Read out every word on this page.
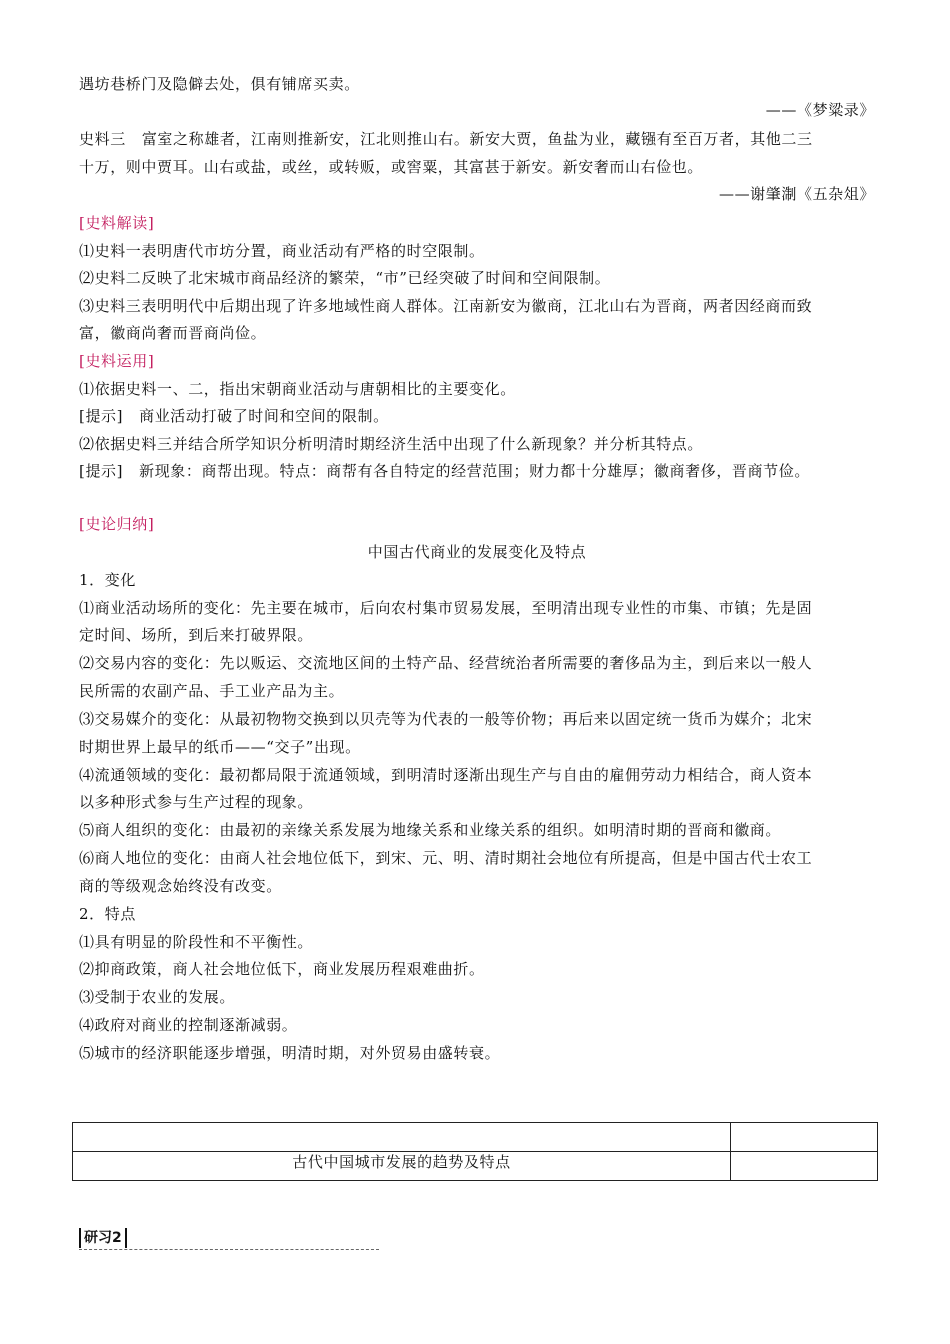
遇坊巷桥门及隐僻去处，俱有铺席买卖。
——《梦粱录》
史料三 富室之称雄者，江南则推新安，江北则推山右。新安大贾，鱼盐为业，藏镪有至百万者，其他二三
十万，则中贾耳。山右或盐，或丝，或转贩，或窖粟，其富甚于新安。新安奢而山右俭也。
——谢肇淛《五杂俎》
[史料解读]
⑴史料一表明唐代市坊分置，商业活动有严格的时空限制。
⑵史料二反映了北宋城市商品经济的繁荣，“市”已经突破了时间和空间限制。
⑶史料三表明明代中后期出现了许多地域性商人群体。江南新安为徽商，江北山右为晋商，两者因经商而致
富，徽商尚奢而晋商尚俭。
[史料运用]
⑴依据史料一、二，指出宋朝商业活动与唐朝相比的主要变化。
[提示] 商业活动打破了时间和空间的限制。
⑵依据史料三并结合所学知识分析明清时期经济生活中出现了什么新现象？并分析其特点。
[提示] 新现象：商帮出现。特点：商帮有各自特定的经营范围；财力都十分雄厚；徽商奢侈，晋商节俭。
[史论归纳]
中国古代商业的发展变化及特点
1．变化
⑴商业活动场所的变化：先主要在城市，后向农村集市贸易发展，至明清出现专业性的市集、市镇；先是固
定时间、场所，到后来打破界限。
⑵交易内容的变化：先以贩运、交流地区间的土特产品、经营统治者所需要的奢侈品为主，到后来以一般人
民所需的农副产品、手工业产品为主。
⑶交易媒介的变化：从最初物物交换到以贝壳等为代表的一般等价物；再后来以固定统一货币为媒介；北宋
时期世界上最早的纸币——“交子”出现。
⑷流通领域的变化：最初都局限于流通领域，到明清时逐渐出现生产与自由的雇佣劳动力相结合，商人资本
以多种形式参与生产过程的现象。
⑸商人组织的变化：由最初的亲缘关系发展为地缘关系和业缘关系的组织。如明清时期的晋商和徽商。
⑹商人地位的变化：由商人社会地位低下，到宋、元、明、清时期社会地位有所提高，但是中国古代士农工
商的等级观念始终没有改变。
2．特点
⑴具有明显的阶段性和不平衡性。
⑵抑商政策，商人社会地位低下，商业发展历程艰难曲折。
⑶受制于农业的发展。
⑷政府对商业的控制逐渐减弱。
⑸城市的经济职能逐步增强，明清时期，对外贸易由盛转衰。

古代中国城市发展的趋势及特点	
研习2
